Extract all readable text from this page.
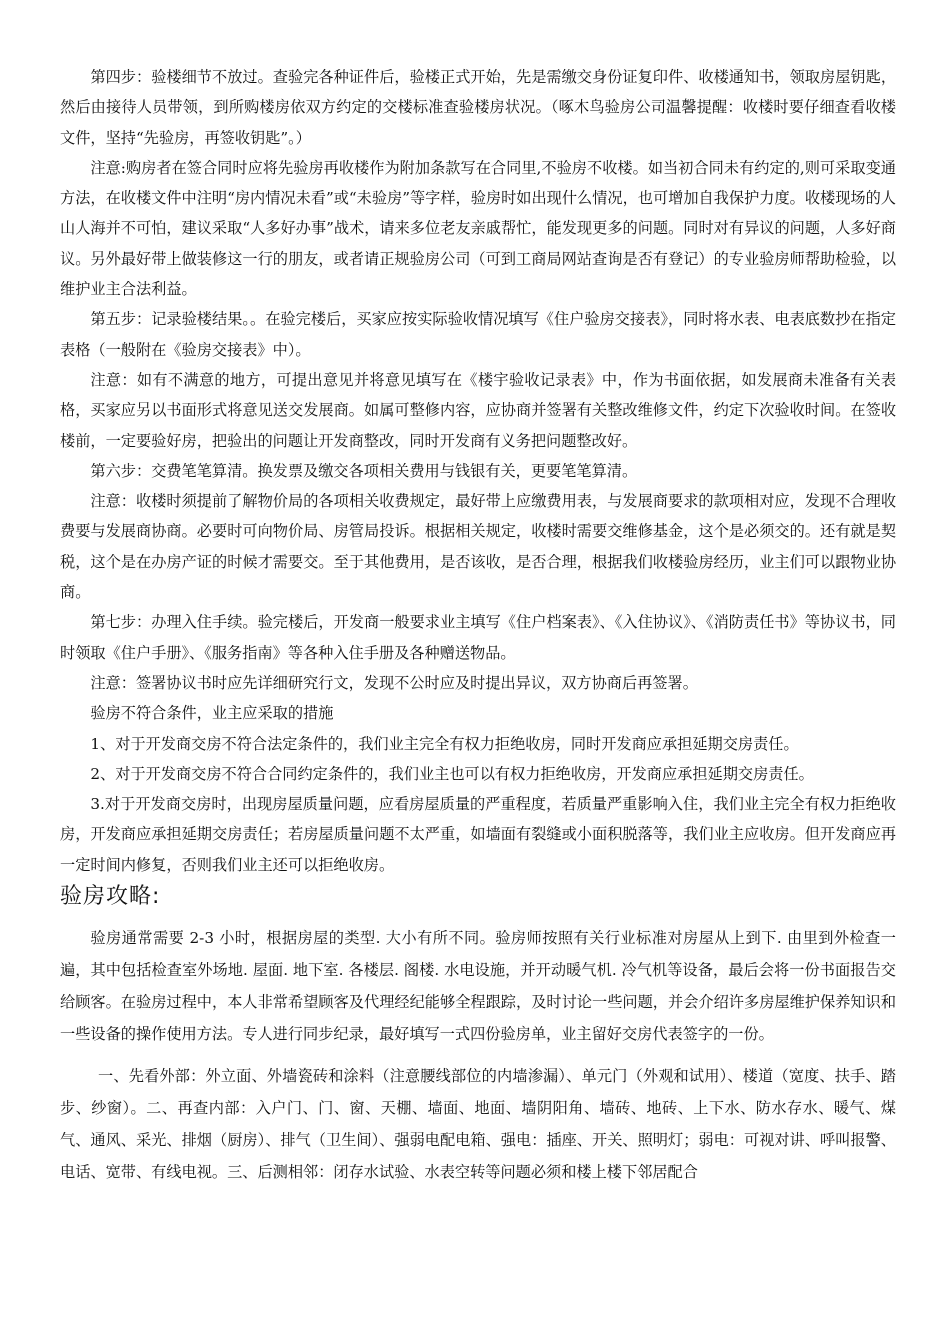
第四步：验楼细节不放过。查验完各种证件后，验楼正式开始，先是需缴交身份证复印件、收楼通知书，领取房屋钥匙，然后由接待人员带领，到所购楼房依双方约定的交楼标准查验楼房状况。（啄木鸟验房公司温馨提醒：收楼时要仔细查看收楼文件，坚持“先验房，再签收钥匙”。）

注意:购房者在签合同时应将先验房再收楼作为附加条款写在合同里,不验房不收楼。如当初合同未有约定的,则可采取变通方法，在收楼文件中注明“房内情况未看”或“未验房”等字样，验房时如出现什么情况，也可增加自我保护力度。收楼现场的人山人海并不可怕，建议采取“人多好办事”战术，请来多位老友亲戚帮忙，能发现更多的问题。同时对有异议的问题，人多好商议。另外最好带上做装修这一行的朋友，或者请正规验房公司（可到工商局网站查询是否有登记）的专业验房师帮助检验，以维护业主合法利益。

第五步：记录验楼结果。。在验完楼后，买家应按实际验收情况填写《住户验房交接表》，同时将水表、电表底数抄在指定表格（一般附在《验房交接表》中）。

注意：如有不满意的地方，可提出意见并将意见填写在《楼宇验收记录表》中，作为书面依据，如发展商未准备有关表格，买家应另以书面形式将意见送交发展商。如属可整修内容，应协商并签署有关整改维修文件，约定下次验收时间。在签收楼前，一定要验好房，把验出的问题让开发商整改，同时开发商有义务把问题整改好。

第六步：交费笔笔算清。换发票及缴交各项相关费用与钱银有关，更要笔笔算清。

注意：收楼时须提前了解物价局的各项相关收费规定，最好带上应缴费用表，与发展商要求的款项相对应，发现不合理收费要与发展商协商。必要时可向物价局、房管局投诉。根据相关规定，收楼时需要交维修基金，这个是必须交的。还有就是契税，这个是在办房产证的时候才需要交。至于其他费用，是否该收，是否合理，根据我们收楼验房经历，业主们可以跟物业协商。

第七步：办理入住手续。验完楼后，开发商一般要求业主填写《住户档案表》、《入住协议》、《消防责任书》等协议书，同时领取《住户手册》、《服务指南》等各种入住手册及各种赠送物品。

注意：签署协议书时应先详细研究行文，发现不公时应及时提出异议，双方协商后再签署。

验房不符合条件，业主应采取的措施

1、对于开发商交房不符合法定条件的，我们业主完全有权力拒绝收房，同时开发商应承担延期交房责任。

2、对于开发商交房不符合合同约定条件的，我们业主也可以有权力拒绝收房，开发商应承担延期交房责任。

3.对于开发商交房时，出现房屋质量问题，应看房屋质量的严重程度，若质量严重影响入住，我们业主完全有权力拒绝收房，开发商应承担延期交房责任；若房屋质量问题不太严重，如墙面有裂缝或小面积脱落等，我们业主应收房。但开发商应再一定时间内修复，否则我们业主还可以拒绝收房。

验房攻略:

验房通常需要 2-3 小时，根据房屋的类型. 大小有所不同。验房师按照有关行业标准对房屋从上到下. 由里到外检查一遍，其中包括检查室外场地. 屋面. 地下室. 各楼层. 阁楼. 水电设施，并开动暖气机. 冷气机等设备，最后会将一份书面报告交给顾客。在验房过程中，本人非常希望顾客及代理经纪能够全程跟踪，及时讨论一些问题，并会介绍许多房屋维护保养知识和一些设备的操作使用方法。专人进行同步纪录，最好填写一式四份验房单，业主留好交房代表签字的一份。

一、先看外部：外立面、外墙瓷砖和涂料（注意腰线部位的内墙渗漏）、单元门（外观和试用）、楼道（宽度、扶手、踏步、纱窗）。二、再查内部：入户门、门、窗、天棚、墙面、地面、墙阴阳角、墙砖、地砖、上下水、防水存水、暖气、煤气、通风、采光、排烟（厨房）、排气（卫生间）、强弱电配电箱、强电：插座、开关、照明灯；弱电：可视对讲、呼叫报警、电话、宽带、有线电视。三、后测相邻：闭存水试验、水表空转等问题必须和楼上楼下邻居配合
